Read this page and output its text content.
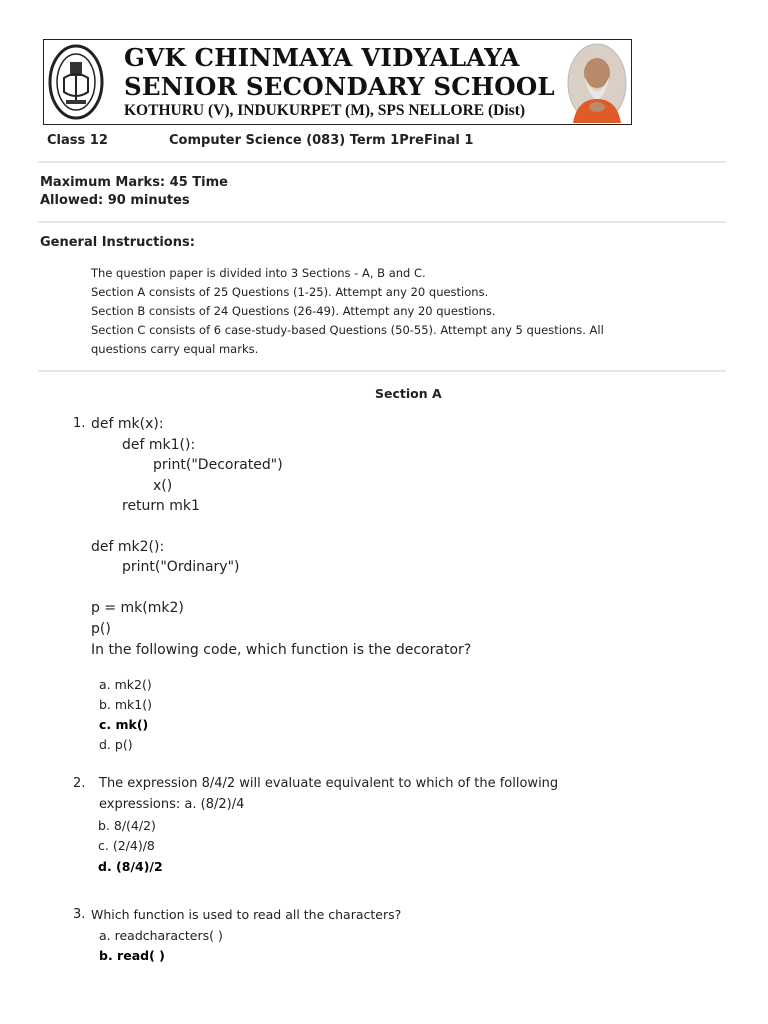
GVK CHINMAYA VIDYALAYA
SENIOR SECONDARY SCHOOL
KOTHURU (V), INDUKURPET (M), SPS NELLORE (Dist)
Class 12	Computer Science (083) Term 1PreFinal 1
Maximum Marks: 45 Time
Allowed: 90 minutes
General Instructions:
The question paper is divided into 3 Sections - A, B and C.
Section A consists of 25 Questions (1-25). Attempt any 20 questions.
Section B consists of 24 Questions (26-49). Attempt any 20 questions.
Section C consists of 6 case-study-based Questions (50-55). Attempt any 5 questions. All
questions carry equal marks.
Section A
1. def mk(x):
def mk1():
print("Decorated")
x()
return mk1
def mk2():
print("Ordinary")
p = mk(mk2)
p()
In the following code, which function is the decorator?
a. mk2()
b. mk1()
c. mk()
d. p()
2. The expression 8/4/2 will evaluate equivalent to which of the following
expressions: a. (8/2)/4
b. 8/(4/2)
c. (2/4)/8
d. (8/4)/2
3. Which function is used to read all the characters?
a. readcharacters( )
b. read( )
